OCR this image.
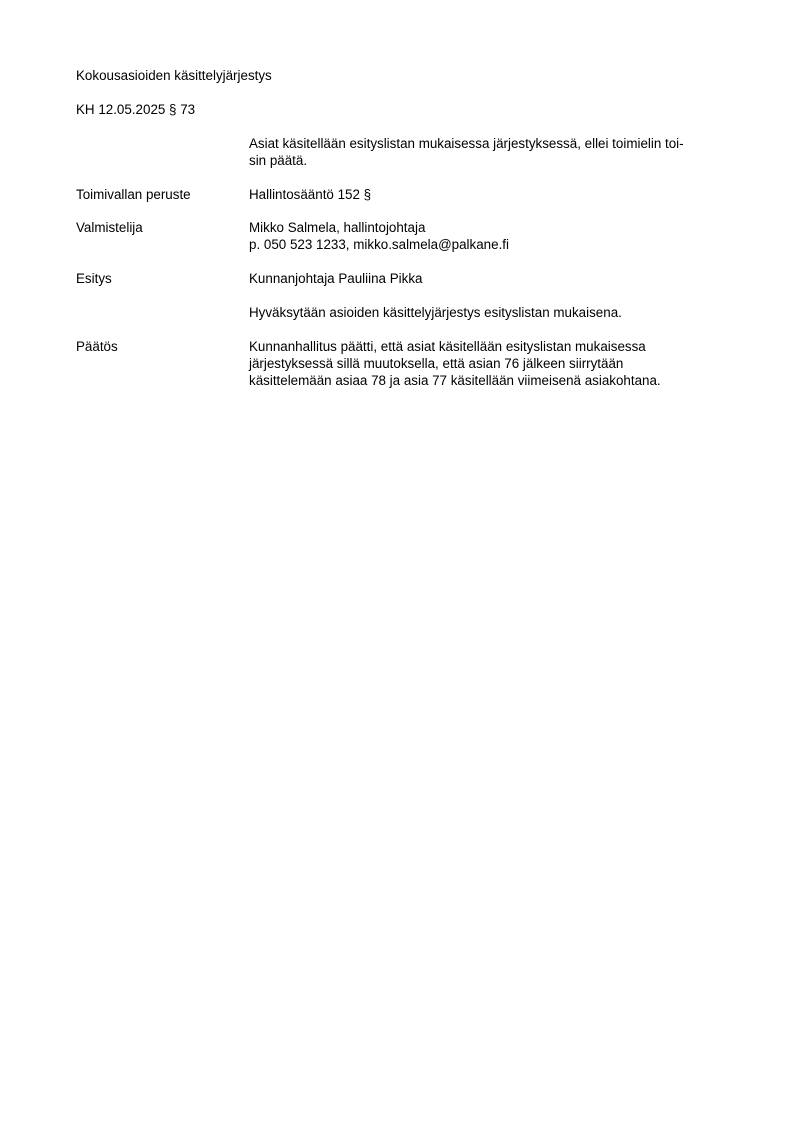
Kokousasioiden käsittelyjärjestys
KH 12.05.2025 § 73

Asiat käsitellään esityslistan mukaisessa järjestyksessä, ellei toimielin toi-

sin päätä.

Toimivallan peruste	Hallintosääntö 152 §

Valmistelija	Mikko Salmela, hallintojohtaja

p. 050 523 1233, mikko.salmela@palkane.fi

Esitys	Kunnanjohtaja Pauliina Pikka

Hyväksytään asioiden käsittelyjärjestys esityslistan mukaisena.

Päätös	Kunnanhallitus päätti, että asiat käsitellään esityslistan mukaisessa

järjestyksessä sillä muutoksella, että asian 76 jälkeen siirrytään

käsittelemään asiaa 78 ja asia 77 käsitellään viimeisenä asiakohtana.
